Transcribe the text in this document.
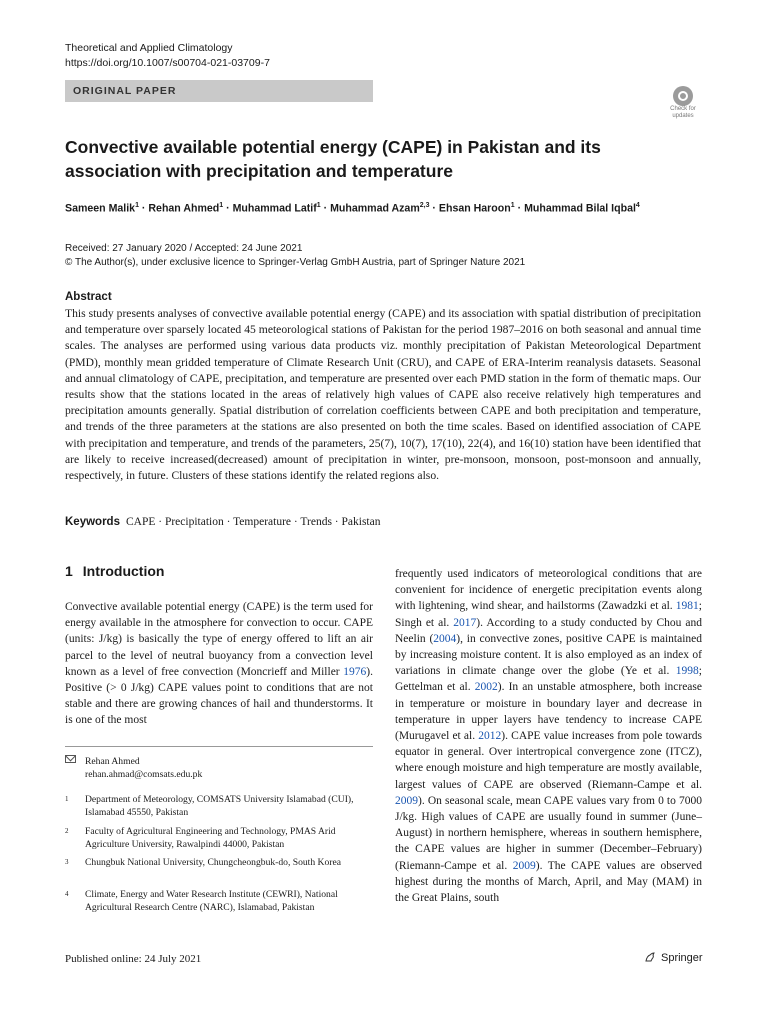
Theoretical and Applied Climatology
https://doi.org/10.1007/s00704-021-03709-7
ORIGINAL PAPER
Check for
updates
Convective available potential energy (CAPE) in Pakistan and its association with precipitation and temperature
Sameen Malik$^1$ · Rehan Ahmed$^1$ · Muhammad Latif$^1$ · Muhammad Azam$^{2,3}$ · Ehsan Haroon$^1$ · Muhammad Bilal Iqbal$^4$
Received: 27 January 2020 / Accepted: 24 June 2021
© The Author(s), under exclusive licence to Springer-Verlag GmbH Austria, part of Springer Nature 2021
Abstract
This study presents analyses of convective available potential energy (CAPE) and its association with spatial distribution of precipitation and temperature over sparsely located 45 meteorological stations of Pakistan for the period 1987–2016 on both seasonal and annual time scales. The analyses are performed using various data products viz. monthly precipitation of Pakistan Meteorological Department (PMD), monthly mean gridded temperature of Climate Research Unit (CRU), and CAPE of ERA-Interim reanalysis datasets. Seasonal and annual climatology of CAPE, precipitation, and temperature are presented over each PMD station in the form of thematic maps. Our results show that the stations located in the areas of relatively high values of CAPE also receive relatively high temperatures and precipitation amounts generally. Spatial distribution of correlation coefficients between CAPE and both precipitation and temperature, and trends of the three parameters at the stations are also presented on both the time scales. Based on identified association of CAPE with precipitation and temperature, and trends of the parameters, 25(7), 10(7), 17(10), 22(4), and 16(10) station have been identified that are likely to receive increased(decreased) amount of precipitation in winter, pre-monsoon, monsoon, post-monsoon and annually, respectively, in future. Clusters of these stations identify the related regions also.
Keywords CAPE · Precipitation · Temperature · Trends · Pakistan
1 Introduction
Convective available potential energy (CAPE) is the term used for energy available in the atmosphere for convection to occur. CAPE (units: J/kg) is basically the type of energy offered to lift an air parcel to the level of neutral buoyancy from a convection level known as a level of free convection (Moncrieff and Miller 1976). Positive (> 0 J/kg) CAPE values point to conditions that are not stable and there are growing chances of hail and thunderstorms. It is one of the most
frequently used indicators of meteorological conditions that are convenient for incidence of energetic precipitation events along with lightening, wind shear, and hailstorms (Zawadzki et al. 1981; Singh et al. 2017). According to a study conducted by Chou and Neelin (2004), in convective zones, positive CAPE is maintained by increasing moisture content. It is also employed as an index of variations in climate change over the globe (Ye et al. 1998; Gettelman et al. 2002). In an unstable atmosphere, both increase in temperature or moisture in boundary layer and decrease in temperature in upper layers have tendency to increase CAPE (Murugavel et al. 2012). CAPE value increases from pole towards equator in general. Over intertropical convergence zone (ITCZ), where enough moisture and high temperature are mostly available, largest values of CAPE are observed (Riemann-Campe et al. 2009). On seasonal scale, mean CAPE values vary from 0 to 7000 J/kg. High values of CAPE are usually found in summer (June–August) in northern hemisphere, whereas in southern hemisphere, the CAPE values are higher in summer (December–February) (Riemann-Campe et al. 2009). The CAPE values are observed highest during the months of March, April, and May (MAM) in the Great Plains, south
Rehan Ahmed
rehan.ahmad@comsats.edu.pk
1 Department of Meteorology, COMSATS University Islamabad (CUI), Islamabad 45550, Pakistan
2 Faculty of Agricultural Engineering and Technology, PMAS Arid Agriculture University, Rawalpindi 44000, Pakistan
3 Chungbuk National University, Chungcheongbuk-do, South Korea
4 Climate, Energy and Water Research Institute (CEWRI), National Agricultural Research Centre (NARC), Islamabad, Pakistan
Published online: 24 July 2021	Springer
